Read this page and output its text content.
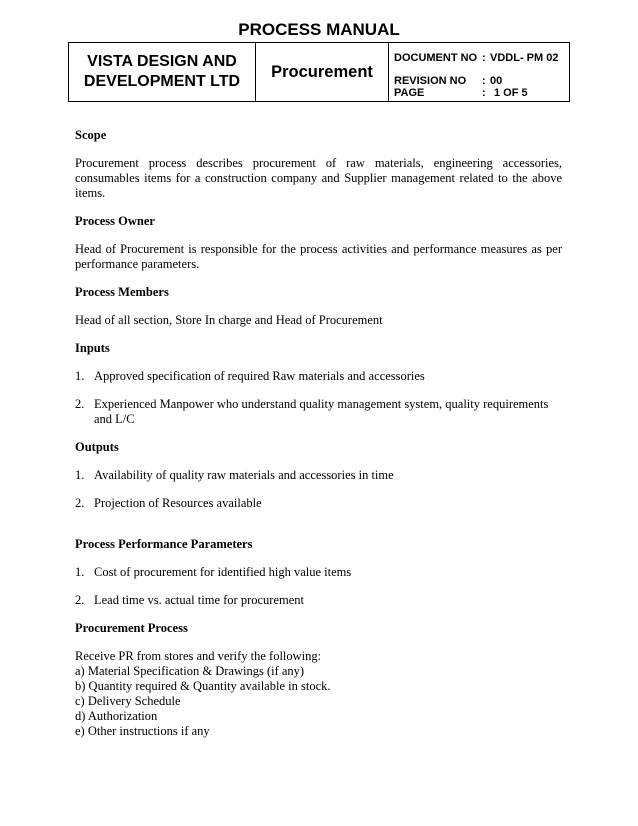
PROCESS MANUAL
VISTA DESIGN AND
DEVELOPMENT LTD
Procurement
DOCUMENT NO : VDDL- PM 02
REVISION NO : 00
PAGE	: 1 OF 5
Scope
Procurement process describes procurement of raw materials, engineering accessories, consumables items for a construction company and Supplier management related to the above items.
Process Owner
Head of Procurement is responsible for the process activities and performance measures as per performance parameters.
Process Members
Head of all section, Store In charge and Head of Procurement
Inputs
1. Approved specification of required Raw materials and accessories
2. Experienced Manpower who understand quality management system, quality requirements and L/C
Outputs
1. Availability of quality raw materials and accessories in time
2. Projection of Resources available
Process Performance Parameters
1. Cost of procurement for identified high value items
2. Lead time vs. actual time for procurement
Procurement Process
Receive PR from stores and verify the following:
a) Material Specification & Drawings (if any)
b) Quantity required & Quantity available in stock.
c) Delivery Schedule
d) Authorization
e) Other instructions if any
